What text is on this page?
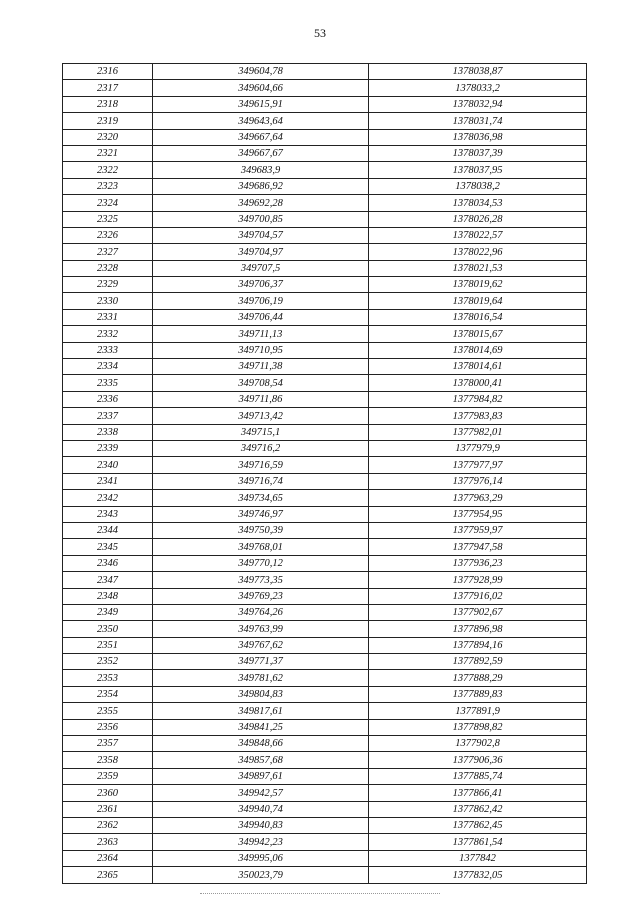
53
2316	349604,78	1378038,87
2317	349604,66	1378033,2
2318	349615,91	1378032,94
2319	349643,64	1378031,74
2320	349667,64	1378036,98
2321	349667,67	1378037,39
2322	349683,9	1378037,95
2323	349686,92	1378038,2
2324	349692,28	1378034,53
2325	349700,85	1378026,28
2326	349704,57	1378022,57
2327	349704,97	1378022,96
2328	349707,5	1378021,53
2329	349706,37	1378019,62
2330	349706,19	1378019,64
2331	349706,44	1378016,54
2332	349711,13	1378015,67
2333	349710,95	1378014,69
2334	349711,38	1378014,61
2335	349708,54	1378000,41
2336	349711,86	1377984,82
2337	349713,42	1377983,83
2338	349715,1	1377982,01
2339	349716,2	1377979,9
2340	349716,59	1377977,97
2341	349716,74	1377976,14
2342	349734,65	1377963,29
2343	349746,97	1377954,95
2344	349750,39	1377959,97
2345	349768,01	1377947,58
2346	349770,12	1377936,23
2347	349773,35	1377928,99
2348	349769,23	1377916,02
2349	349764,26	1377902,67
2350	349763,99	1377896,98
2351	349767,62	1377894,16
2352	349771,37	1377892,59
2353	349781,62	1377888,29
2354	349804,83	1377889,83
2355	349817,61	1377891,9
2356	349841,25	1377898,82
2357	349848,66	1377902,8
2358	349857,68	1377906,36
2359	349897,61	1377885,74
2360	349942,57	1377866,41
2361	349940,74	1377862,42
2362	349940,83	1377862,45
2363	349942,23	1377861,54
2364	349995,06	1377842
2365	350023,79	1377832,05
